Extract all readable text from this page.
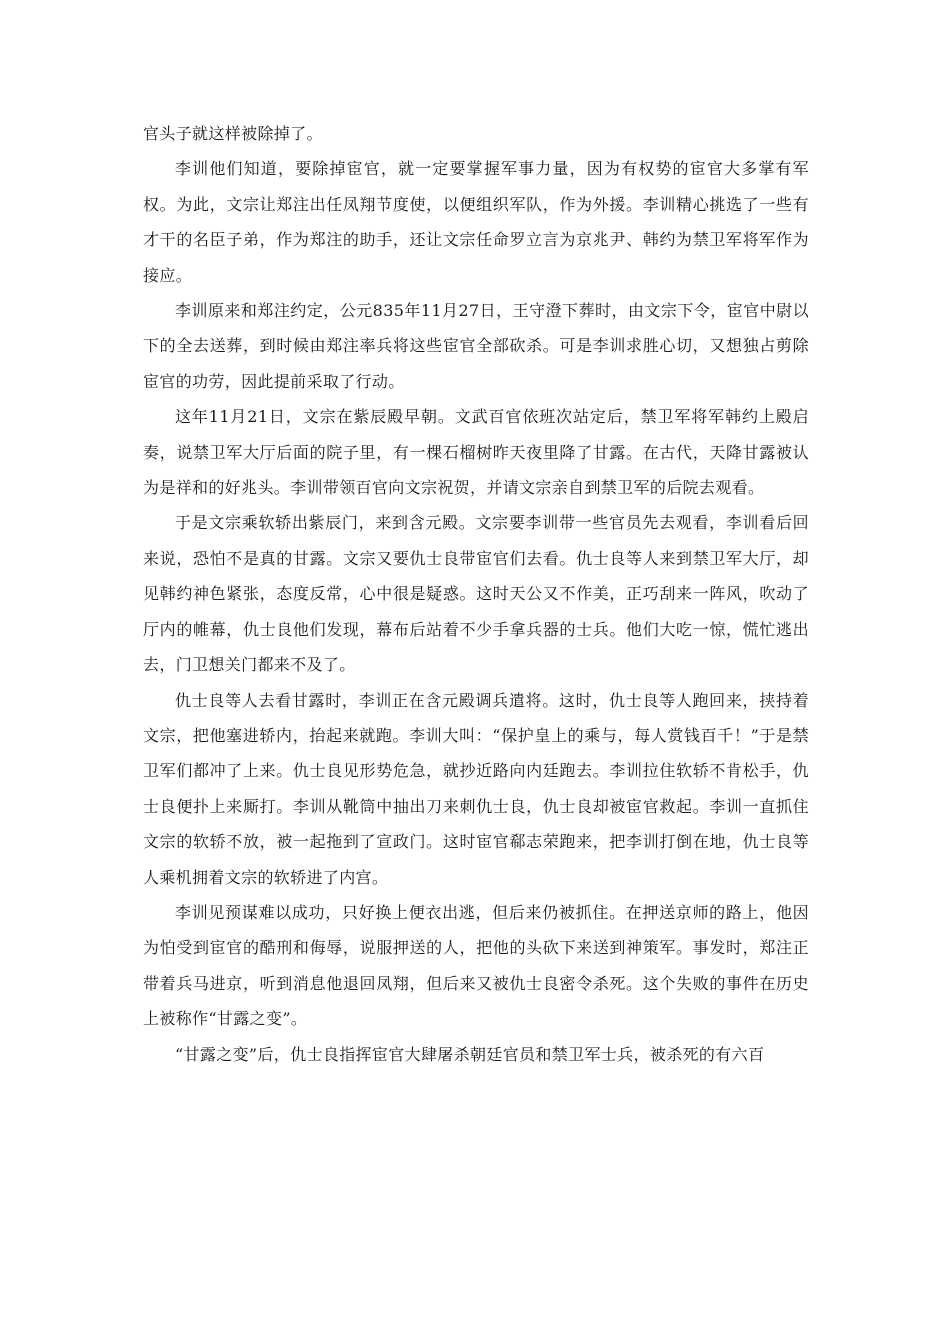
官头子就这样被除掉了。

李训他们知道，要除掉宦官，就一定要掌握军事力量，因为有权势的宦官大多掌有军权。为此，文宗让郑注出任凤翔节度使，以便组织军队，作为外援。李训精心挑选了一些有才干的名臣子弟，作为郑注的助手，还让文宗任命罗立言为京兆尹、韩约为禁卫军将军作为接应。

李训原来和郑注约定，公元835年11月27日，王守澄下葬时，由文宗下令，宦官中尉以下的全去送葬，到时候由郑注率兵将这些宦官全部砍杀。可是李训求胜心切，又想独占剪除宦官的功劳，因此提前采取了行动。

这年11月21日，文宗在紫辰殿早朝。文武百官依班次站定后，禁卫军将军韩约上殿启奏，说禁卫军大厅后面的院子里，有一棵石榴树昨天夜里降了甘露。在古代，天降甘露被认为是祥和的好兆头。李训带领百官向文宗祝贺，并请文宗亲自到禁卫军的后院去观看。

于是文宗乘软轿出紫辰门，来到含元殿。文宗要李训带一些官员先去观看，李训看后回来说，恐怕不是真的甘露。文宗又要仇士良带宦官们去看。仇士良等人来到禁卫军大厅，却见韩约神色紧张，态度反常，心中很是疑惑。这时天公又不作美，正巧刮来一阵风，吹动了厅内的帷幕，仇士良他们发现，幕布后站着不少手拿兵器的士兵。他们大吃一惊，慌忙逃出去，门卫想关门都来不及了。

仇士良等人去看甘露时，李训正在含元殿调兵遣将。这时，仇士良等人跑回来，挟持着文宗，把他塞进轿内，抬起来就跑。李训大叫：“保护皇上的乘与，每人赏钱百千！”于是禁卫军们都冲了上来。仇士良见形势危急，就抄近路向内廷跑去。李训拉住软轿不肯松手，仇士良便扑上来厮打。李训从靴筒中抽出刀来刺仇士良，仇士良却被宦官救起。李训一直抓住文宗的软轿不放，被一起拖到了宣政门。这时宦官郗志荣跑来，把李训打倒在地，仇士良等人乘机拥着文宗的软轿进了内宫。

李训见预谋难以成功，只好换上便衣出逃，但后来仍被抓住。在押送京师的路上，他因为怕受到宦官的酷刑和侮辱，说服押送的人，把他的头砍下来送到神策军。事发时，郑注正带着兵马进京，听到消息他退回凤翔，但后来又被仇士良密令杀死。这个失败的事件在历史上被称作“甘露之变”。

“甘露之变”后，仇士良指挥宦官大肆屠杀朝廷官员和禁卫军士兵，被杀死的有六百
